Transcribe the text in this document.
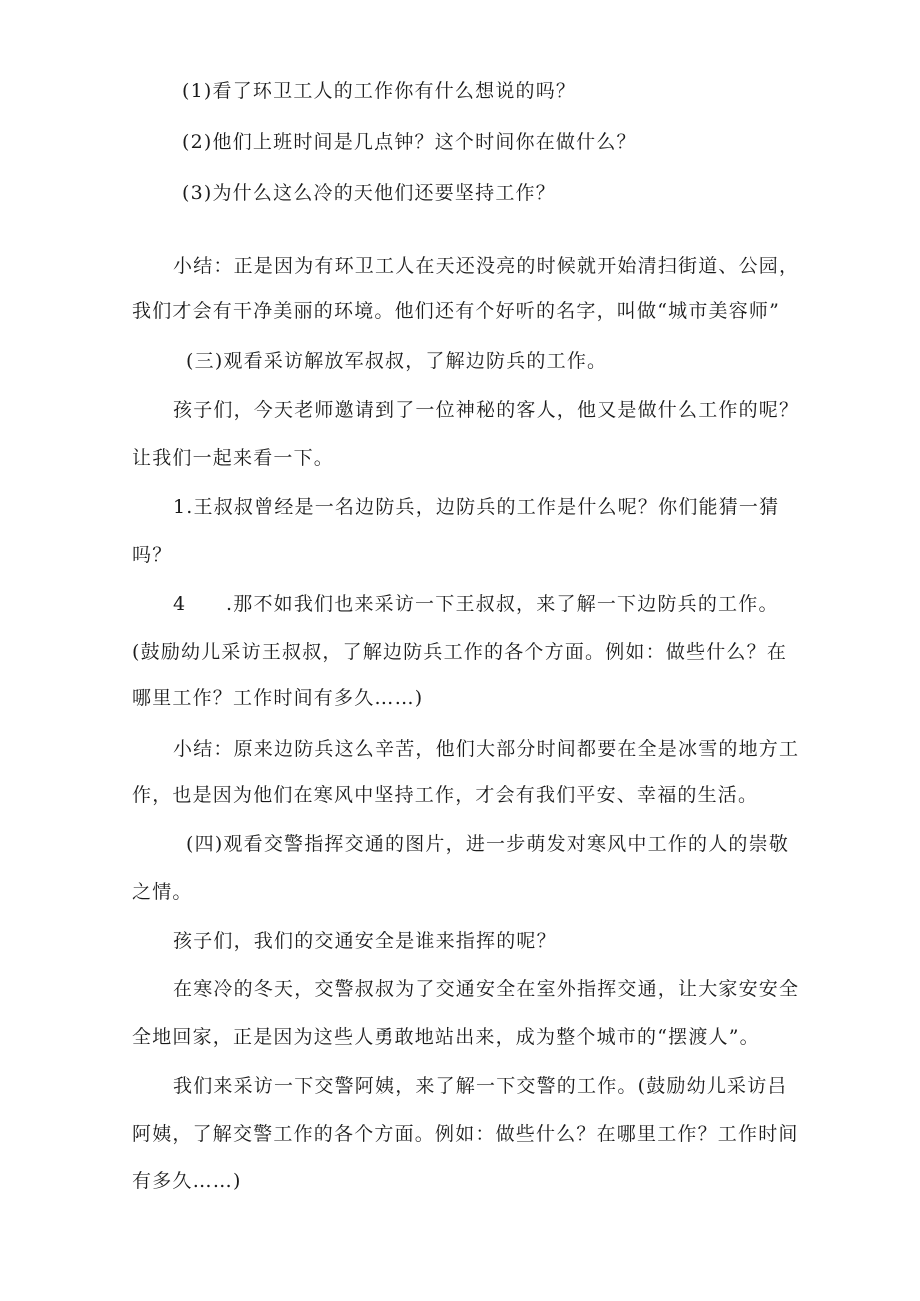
(1)看了环卫工人的工作你有什么想说的吗？
(2)他们上班时间是几点钟？这个时间你在做什么？
(3)为什么这么冷的天他们还要坚持工作？
小结：正是因为有环卫工人在天还没亮的时候就开始清扫街道、公园，
我们才会有干净美丽的环境。他们还有个好听的名字，叫做“城市美容师”
(三)观看采访解放军叔叔，了解边防兵的工作。
孩子们，今天老师邀请到了一位神秘的客人，他又是做什么工作的呢？
让我们一起来看一下。
1.王叔叔曾经是一名边防兵，边防兵的工作是什么呢？你们能猜一猜
吗？
4 .那不如我们也来采访一下王叔叔，来了解一下边防兵的工作。
(鼓励幼儿采访王叔叔，了解边防兵工作的各个方面。例如：做些什么？在
哪里工作？工作时间有多久……)
小结：原来边防兵这么辛苦，他们大部分时间都要在全是冰雪的地方工
作，也是因为他们在寒风中坚持工作，才会有我们平安、幸福的生活。
(四)观看交警指挥交通的图片，进一步萌发对寒风中工作的人的崇敬
之情。
孩子们，我们的交通安全是谁来指挥的呢？
在寒冷的冬天，交警叔叔为了交通安全在室外指挥交通，让大家安安全
全地回家，正是因为这些人勇敢地站出来，成为整个城市的“摆渡人”。
我们来采访一下交警阿姨，来了解一下交警的工作。(鼓励幼儿采访吕
阿姨，了解交警工作的各个方面。例如：做些什么？在哪里工作？工作时间
有多久……)
